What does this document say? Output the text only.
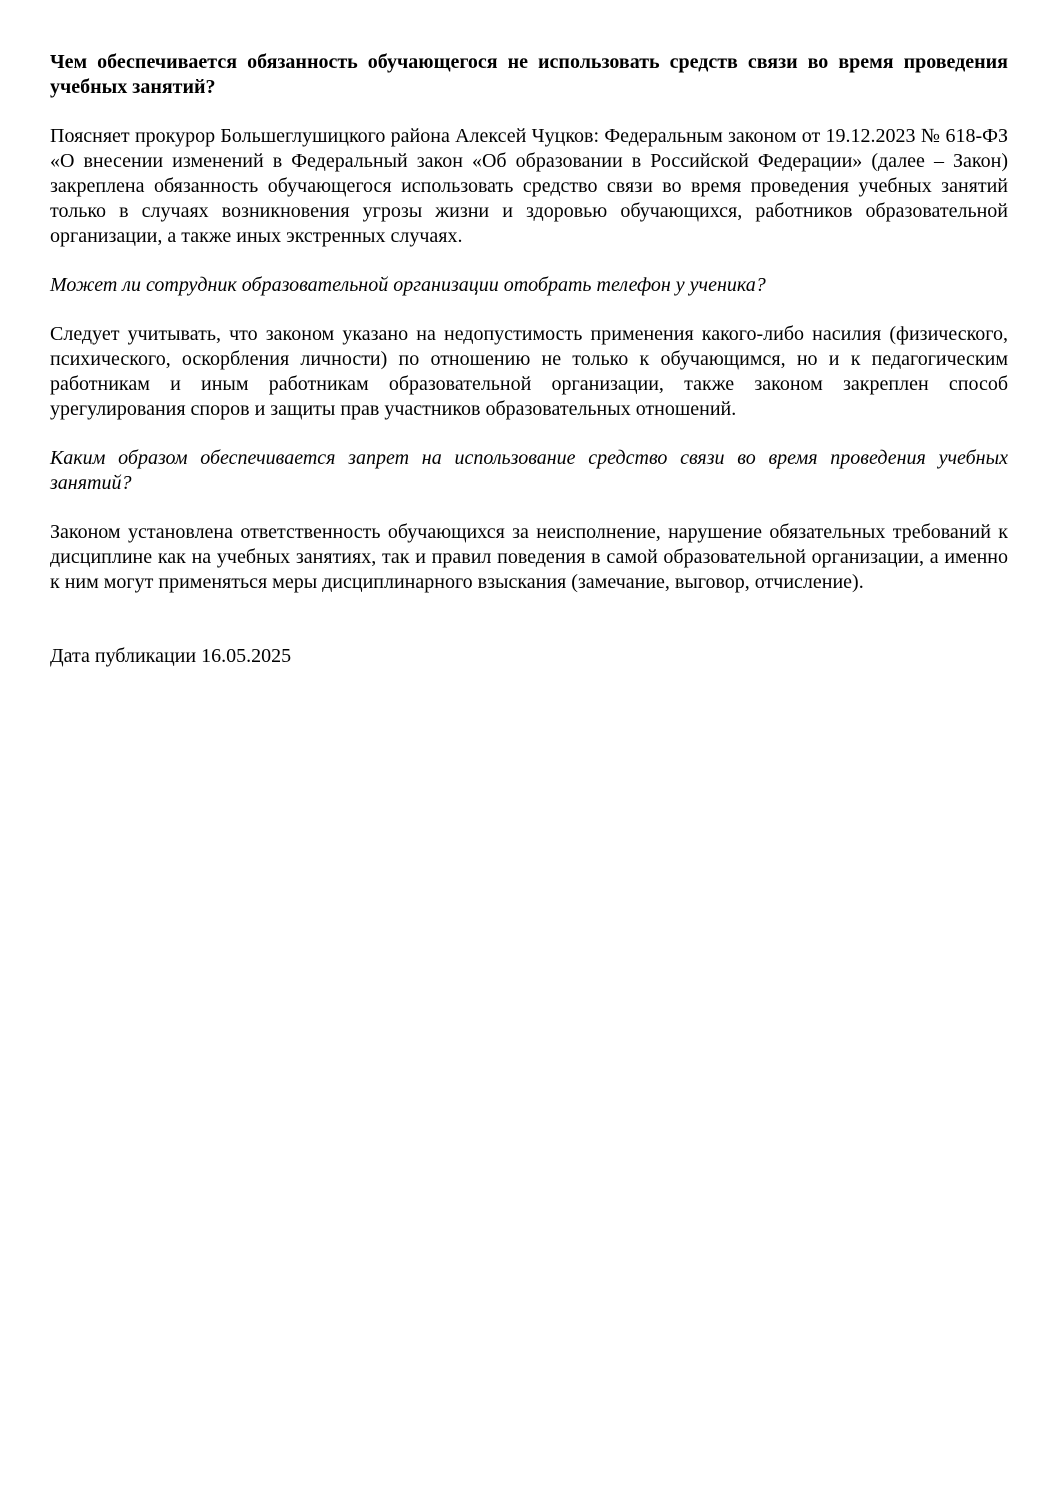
Чем обеспечивается обязанность обучающегося не использовать средств связи во время проведения учебных занятий?

Поясняет прокурор Большеглушицкого района Алексей Чуцков: Федеральным законом от 19.12.2023 № 618-ФЗ «О внесении изменений в Федеральный закон «Об образовании в Российской Федерации» (далее – Закон) закреплена обязанность обучающегося использовать средство связи во время проведения учебных занятий только в случаях возникновения угрозы жизни и здоровью обучающихся, работников образовательной организации, а также иных экстренных случаях.

Может ли сотрудник образовательной организации отобрать телефон у ученика?

Следует учитывать, что законом указано на недопустимость применения какого-либо насилия (физического, психического, оскорбления личности) по отношению не только к обучающимся, но и к педагогическим работникам и иным работникам образовательной организации, также законом закреплен способ урегулирования споров и защиты прав участников образовательных отношений.

Каким образом обеспечивается запрет на использование средство связи во время проведения учебных занятий?

Законом установлена ответственность обучающихся за неисполнение, нарушение обязательных требований к дисциплине как на учебных занятиях, так и правил поведения в самой образовательной организации, а именно к ним могут применяться меры дисциплинарного взыскания (замечание, выговор, отчисление).

Дата публикации 16.05.2025
